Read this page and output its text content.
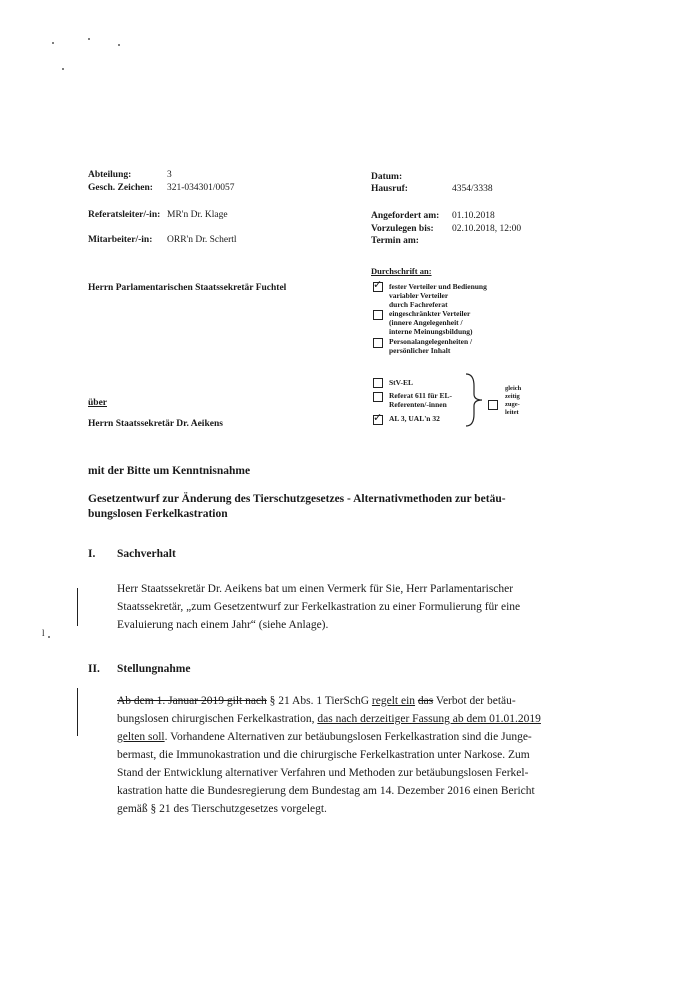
Abteilung:	3
Gesch. Zeichen: 321-034301/0057
Referatsleiter/-in: MR'n Dr. Klage
Mitarbeiter/-in: ORR'n Dr. Schertl
Datum:
Hausruf:	4354/3338
Angefordert am: 01.10.2018
Vorzulegen bis: 02.10.2018, 12:00
Termin am:
Herrn Parlamentarischen Staatssekretär Fuchtel
Durchschrift an:
✓
fester Verteiler und Bedienung
variabler Verteiler
durch Fachreferat
eingeschränkter Verteiler
(innere Angelegenheit /
interne Meinungsbildung)
Personalangelegenheiten /
persönlicher Inhalt
StV-EL
Referat 611 für EL-
Referenten/-innen
✓
AL 3, UAL'n 32
gleich
zeitig
zuge-
leitet
über
Herrn Staatssekretär Dr. Aeikens
mit der Bitte um Kenntnisnahme
Gesetzentwurf zur Änderung des Tierschutzgesetzes - Alternativmethoden zur betäu-
bungslosen Ferkelkastration
I. Sachverhalt
l
Herr Staatssekretär Dr. Aeikens bat um einen Vermerk für Sie, Herr Parlamentarischer
Staatssekretär, „zum Gesetzentwurf zur Ferkelkastration zu einer Formulierung für eine
Evaluierung nach einem Jahr“ (siehe Anlage).
II. Stellungnahme
Ab dem 1. Januar 2019 gilt nach § 21 Abs. 1 TierSchG regelt ein das Verbot der betäu-
bungslosen chirurgischen Ferkelkastration, das nach derzeitiger Fassung ab dem 01.01.2019
gelten soll. Vorhandene Alternativen zur betäubungslosen Ferkelkastration sind die Junge-
bermast, die Immunokastration und die chirurgische Ferkelkastration unter Narkose. Zum
Stand der Entwicklung alternativer Verfahren und Methoden zur betäubungslosen Ferkel-
kastration hatte die Bundesregierung dem Bundestag am 14. Dezember 2016 einen Bericht
gemäß § 21 des Tierschutzgesetzes vorgelegt.
